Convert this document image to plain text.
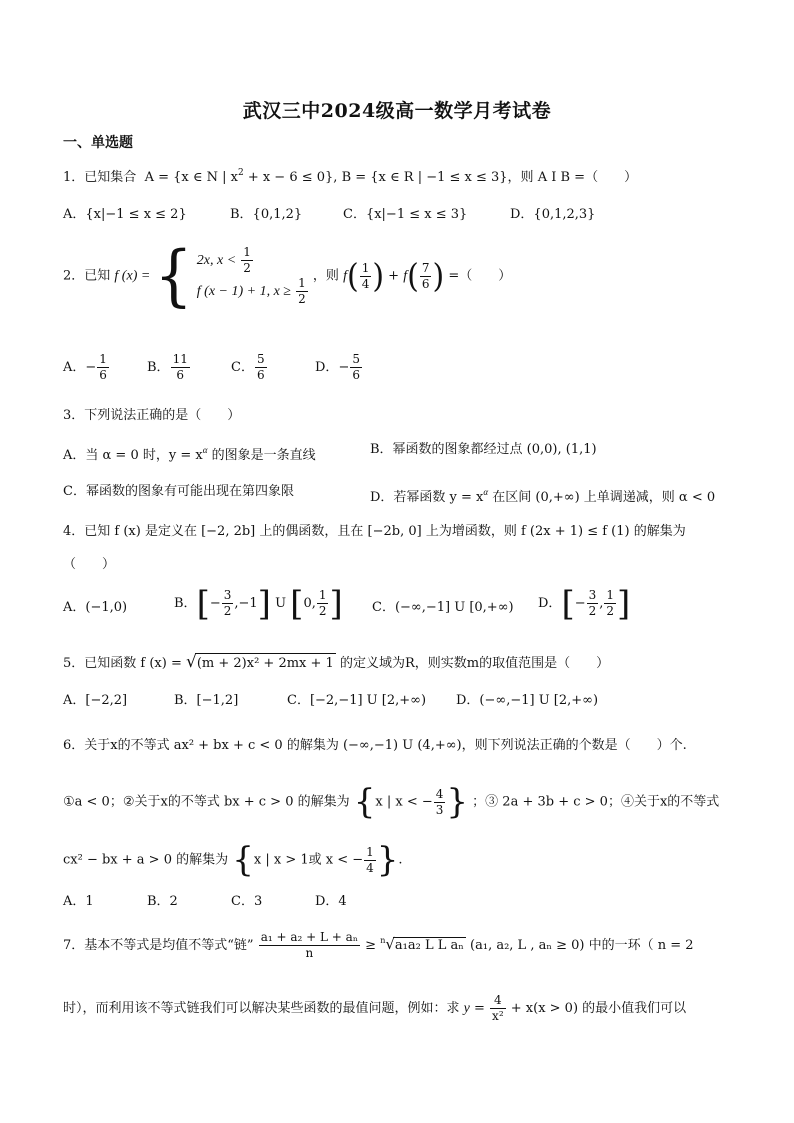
武汉三中2024级高一数学月考试卷
一、单选题
1．已知集合 A = {x ∈ N | $x^2 + x - 6 \le 0$}, B = {x ∈ R | −1 ≤ x ≤ 3}，则 A I B =（　　）
A．{x|−1 ≤ x ≤ 2}	B．{0,1,2}	C．{x|−1 ≤ x ≤ 3}	D．{0,1,2,3}
2．已知 f (x) = { 2x, $x < \frac{1}{2}$
f (x − 1) + 1, $x \ge \frac{1}{2}$ ，则 $f( \frac{1}{4}$ ) + $f( \frac{7}{6}$ ) =（　　）
A．− $\frac{1}{6}$	B． $\frac{11}{6}$	C． $\frac{5}{6}$	D．− $\frac{5}{6}$
3．下列说法正确的是（　　）
A．当 α = 0 时，$y = x^\alpha$ 的图象是一条直线	B．幂函数的图象都经过点 (0,0), (1,1)
C．幂函数的图象有可能出现在第四象限	D．若幂函数 $y = x^\alpha$ 在区间 (0,+∞) 上单调递减，则 α < 0
4．已知 f (x) 是定义在 [−2, 2b] 上的偶函数，且在 [−2b, 0] 上为增函数，则 f (2x + 1) ≤ f (1) 的解集为
（　　）
A．(−1,0)	B．[− $\frac{3}{2} ,-1$] U [0, $\frac{1}{2}$ ] C．(−∞,−1] U [0,+∞) D．[− $\frac{3}{2}$ , $\frac{1}{2}$ ]
5．已知函数 f (x) = √(m + 2)x² + 2mx + 1 的定义域为R，则实数m的取值范围是（　　）
A．[−2,2]	B．[−1,2]	C．[−2,−1] U [2,+∞) D．(−∞,−1] U [2,+∞)
6．关于x的不等式 ax² + bx + c < 0 的解集为 (−∞,−1) U (4,+∞)，则下列说法正确的个数是（　　）个.
①a < 0；②关于x的不等式 bx + c > 0 的解集为 {x | x < − $\frac{4}{3}$ } ；③ 2a + 3b + c > 0；④关于x的不等式
cx² − bx + a > 0 的解集为 {x | x > 1或 x < − $\frac{1}{4}$ }.
A．1	B．2	C．3	D．4
7．基本不等式是均值不等式“链” $\frac{\text{a₁ + a₂ + L + aₙ}}{n} \ge ^n√a_1a_2$ L L aₙ (a₁, a₂, L , aₙ ≥ 0) 中的一环（ n = 2
时），而利用该不等式链我们可以解决某些函数的最值问题，例如：求 $y = \frac{4}{\text{x²}} + x(x > 0)$ 的最小值我们可以
